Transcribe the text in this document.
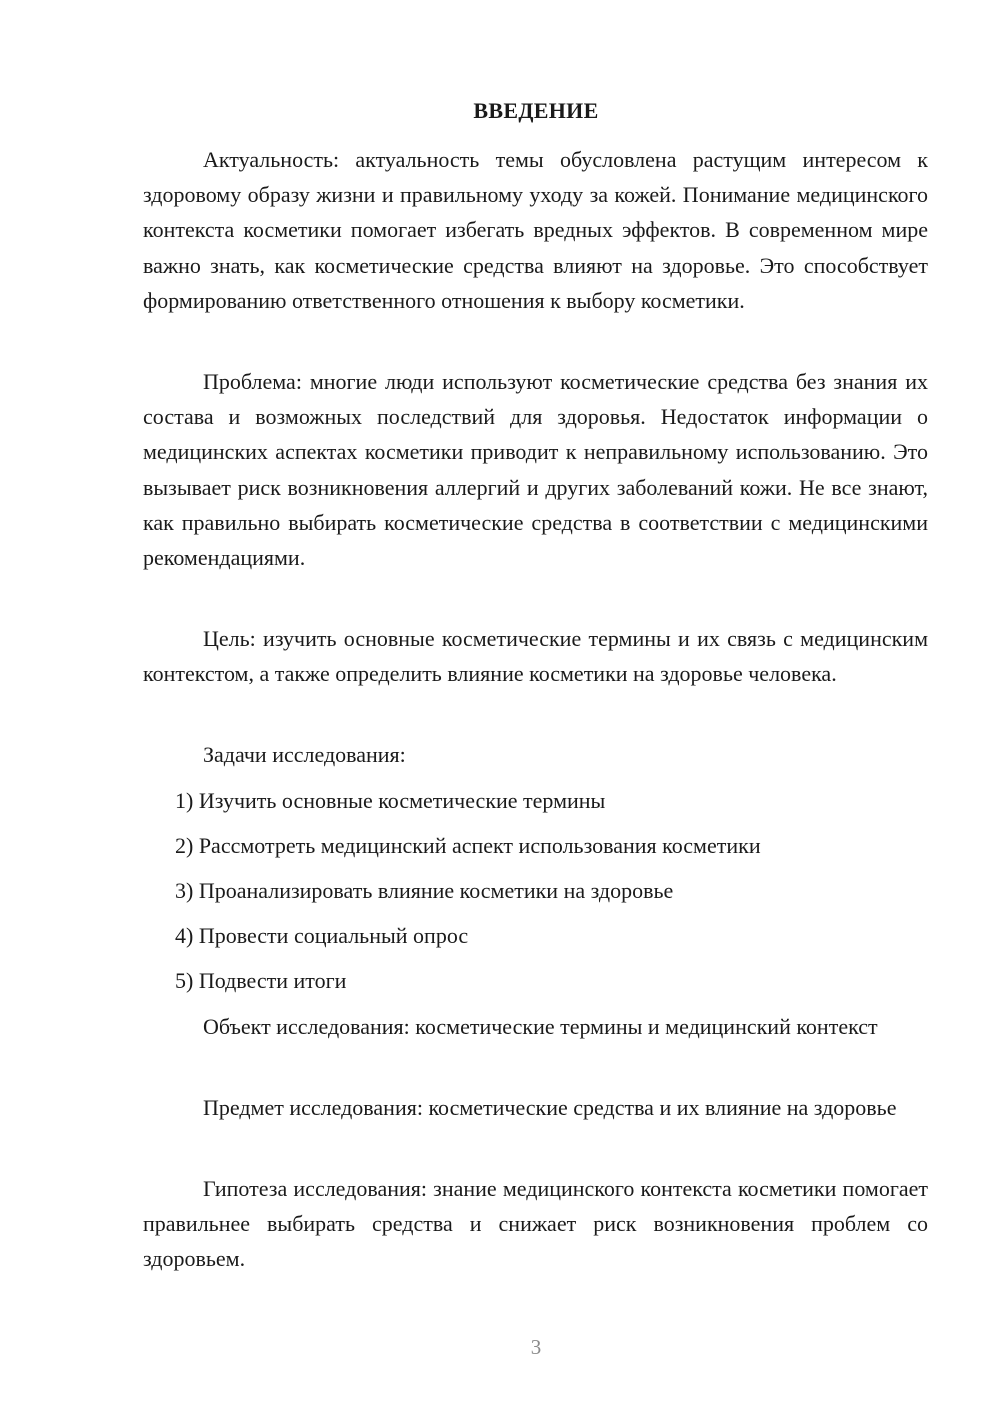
ВВЕДЕНИЕ

Актуальность: актуальность темы обусловлена растущим интересом к здоровому образу жизни и правильному уходу за кожей. Понимание медицинского контекста косметики помогает избегать вредных эффектов. В современном мире важно знать, как косметические средства влияют на здоровье. Это способствует формированию ответственного отношения к выбору косметики.

Проблема: многие люди используют косметические средства без знания их состава и возможных последствий для здоровья. Недостаток информации о медицинских аспектах косметики приводит к неправильному использованию. Это вызывает риск возникновения аллергий и других заболеваний кожи. Не все знают, как правильно выбирать косметические средства в соответствии с медицинскими рекомендациями.

Цель: изучить основные косметические термины и их связь с медицинским контекстом, а также определить влияние косметики на здоровье человека.

Задачи исследования:

1) Изучить основные косметические термины

2) Рассмотреть медицинский аспект использования косметики

3) Проанализировать влияние косметики на здоровье

4) Провести социальный опрос

5) Подвести итоги

Объект исследования: косметические термины и медицинский контекст

Предмет исследования: косметические средства и их влияние на здоровье

Гипотеза исследования: знание медицинского контекста косметики помогает правильнее выбирать средства и снижает риск возникновения проблем со здоровьем.

3
